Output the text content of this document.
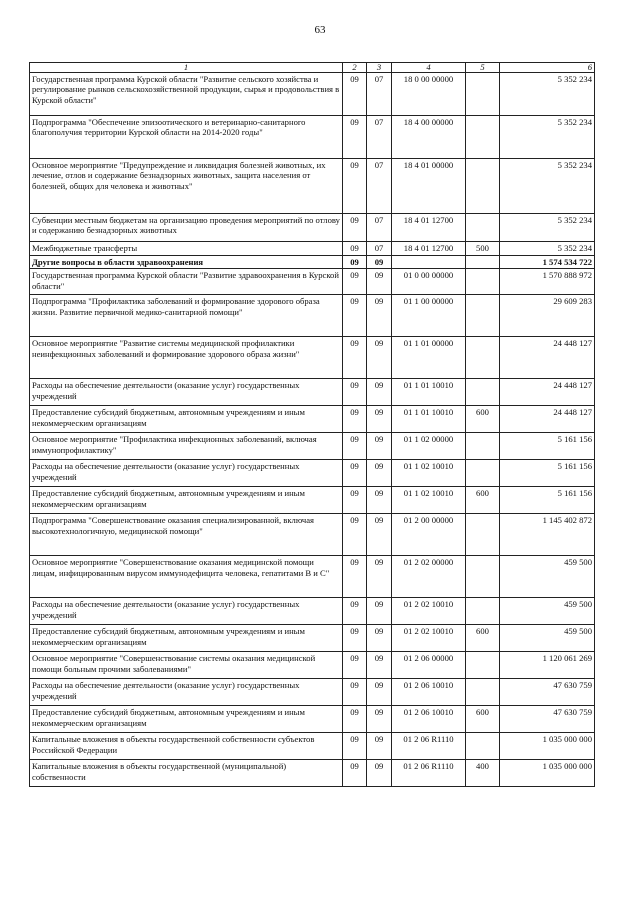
63
1	2	3	4	5	6
Государственная программа Курской области "Развитие сельского хозяйства и регулирование рынков сельскохозяйственной продукции, сырья и продовольствия в Курской области"	09	07	18 0 00 00000		5 352 234
Подпрограмма "Обеспечение эпизоотического и ветеринарно-санитарного благополучия территории Курской области на 2014-2020 годы"	09	07	18 4 00 00000		5 352 234
Основное мероприятие "Предупреждение и ликвидация болезней животных, их лечение, отлов и содержание безнадзорных животных, защита населения от болезней, общих для человека и животных"	09	07	18 4 01 00000		5 352 234
Субвенции местным бюджетам на организацию проведения мероприятий по отлову и содержанию безнадзорных животных	09	07	18 4 01 12700		5 352 234
Межбюджетные трансферты	09	07	18 4 01 12700	500	5 352 234
Другие вопросы в области здравоохранения	09	09			1 574 534 722
Государственная программа Курской области "Развитие здравоохранения в Курской области"	09	09	01 0 00 00000		1 570 888 972
Подпрограмма "Профилактика заболеваний и формирование здорового образа жизни. Развитие первичной медико-санитарной помощи"	09	09	01 1 00 00000		29 609 283
Основное мероприятие "Развитие системы медицинской профилактики неинфекционных заболеваний и формирование здорового образа жизни"	09	09	01 1 01 00000		24 448 127
Расходы на обеспечение деятельности (оказание услуг) государственных учреждений	09	09	01 1 01 10010		24 448 127
Предоставление субсидий бюджетным, автономным учреждениям и иным некоммерческим организациям	09	09	01 1 01 10010	600	24 448 127
Основное мероприятие "Профилактика инфекционных заболеваний, включая иммунопрофилактику"	09	09	01 1 02 00000		5 161 156
Расходы на обеспечение деятельности (оказание услуг) государственных учреждений	09	09	01 1 02 10010		5 161 156
Предоставление субсидий бюджетным, автономным учреждениям и иным некоммерческим организациям	09	09	01 1 02 10010	600	5 161 156
Подпрограмма "Совершенствование оказания специализированной, включая высокотехнологичную, медицинской помощи"	09	09	01 2 00 00000		1 145 402 872
Основное мероприятие "Совершенствование оказания медицинской помощи лицам, инфицированным вирусом иммунодефицита человека, гепатитами В и С"	09	09	01 2 02 00000		459 500
Расходы на обеспечение деятельности (оказание услуг) государственных учреждений	09	09	01 2 02 10010		459 500
Предоставление субсидий бюджетным, автономным учреждениям и иным некоммерческим организациям	09	09	01 2 02 10010	600	459 500
Основное мероприятие "Совершенствование системы оказания медицинской помощи больным прочими заболеваниями"	09	09	01 2 06 00000		1 120 061 269
Расходы на обеспечение деятельности (оказание услуг) государственных учреждений	09	09	01 2 06 10010		47 630 759
Предоставление субсидий бюджетным, автономным учреждениям и иным некоммерческим организациям	09	09	01 2 06 10010	600	47 630 759
Капитальные вложения в объекты государственной собственности субъектов Российской Федерации	09	09	01 2 06 R1110		1 035 000 000
Капитальные вложения в объекты государственной (муниципальной) собственности	09	09	01 2 06 R1110	400	1 035 000 000
